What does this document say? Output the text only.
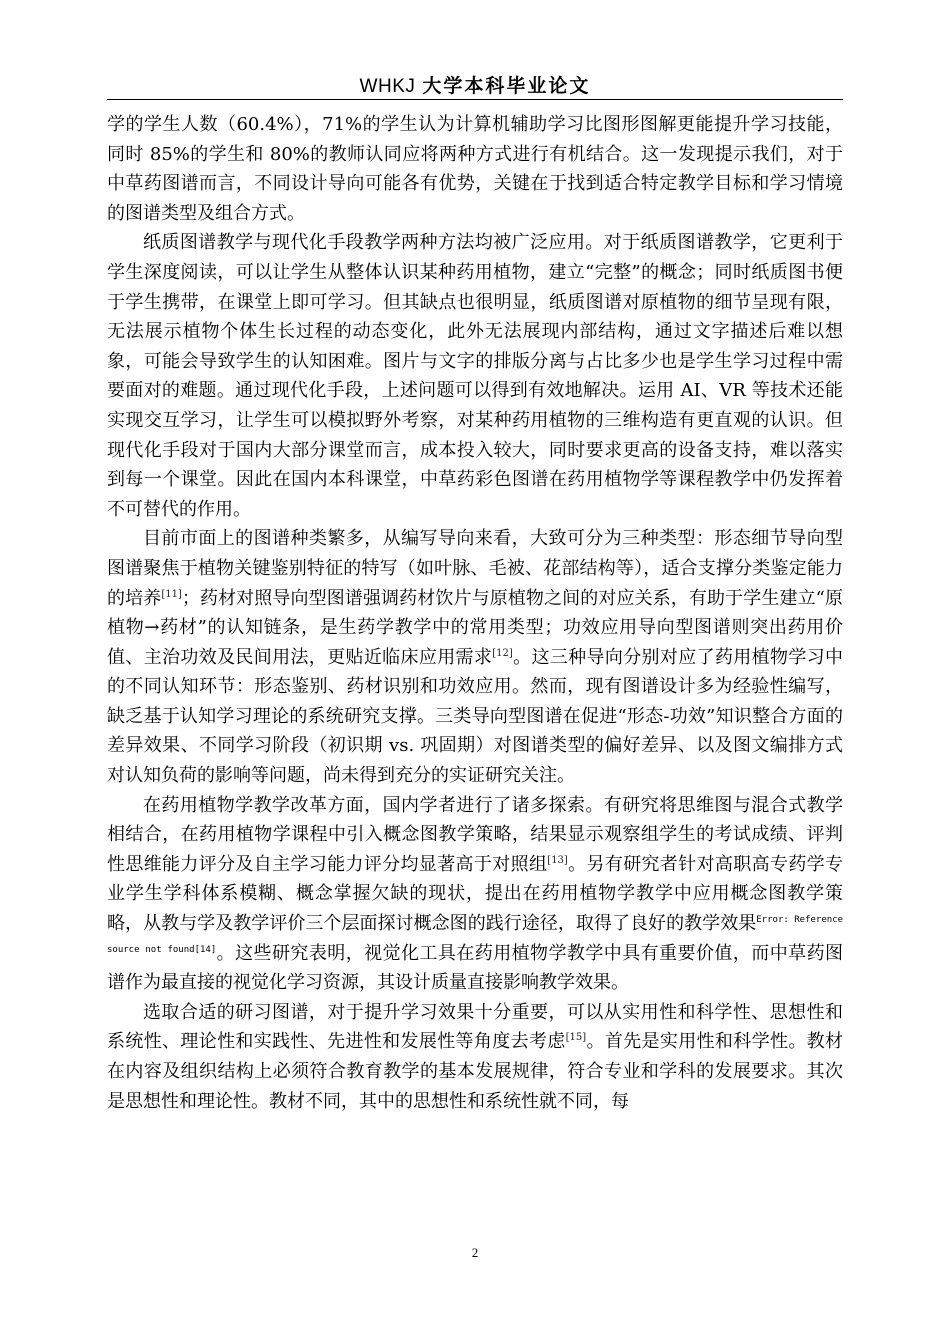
WHKJ 大学本科毕业论文

学的学生人数（60.4%），71%的学生认为计算机辅助学习比图形图解更能提升学习技能，同时 85%的学生和 80%的教师认同应将两种方式进行有机结合。这一发现提示我们，对于中草药图谱而言，不同设计导向可能各有优势，关键在于找到适合特定教学目标和学习情境的图谱类型及组合方式。

纸质图谱教学与现代化手段教学两种方法均被广泛应用。对于纸质图谱教学，它更利于学生深度阅读，可以让学生从整体认识某种药用植物，建立“完整”的概念；同时纸质图书便于学生携带，在课堂上即可学习。但其缺点也很明显，纸质图谱对原植物的细节呈现有限，无法展示植物个体生长过程的动态变化，此外无法展现内部结构，通过文字描述后难以想象，可能会导致学生的认知困难。图片与文字的排版分离与占比多少也是学生学习过程中需要面对的难题。通过现代化手段，上述问题可以得到有效地解决。运用 AI、VR 等技术还能实现交互学习，让学生可以模拟野外考察，对某种药用植物的三维构造有更直观的认识。但现代化手段对于国内大部分课堂而言，成本投入较大，同时要求更高的设备支持，难以落实到每一个课堂。因此在国内本科课堂，中草药彩色图谱在药用植物学等课程教学中仍发挥着不可替代的作用。

目前市面上的图谱种类繁多，从编写导向来看，大致可分为三种类型：形态细节导向型图谱聚焦于植物关键鉴别特征的特写（如叶脉、毛被、花部结构等），适合支撑分类鉴定能力的培养[11]；药材对照导向型图谱强调药材饮片与原植物之间的对应关系，有助于学生建立“原植物→药材”的认知链条，是生药学教学中的常用类型；功效应用导向型图谱则突出药用价值、主治功效及民间用法，更贴近临床应用需求[12]。这三种导向分别对应了药用植物学习中的不同认知环节：形态鉴别、药材识别和功效应用。然而，现有图谱设计多为经验性编写，缺乏基于认知学习理论的系统研究支撑。三类导向型图谱在促进“形态-功效”知识整合方面的差异效果、不同学习阶段（初识期 vs. 巩固期）对图谱类型的偏好差异、以及图文编排方式对认知负荷的影响等问题，尚未得到充分的实证研究关注。

在药用植物学教学改革方面，国内学者进行了诸多探索。有研究将思维图与混合式教学相结合，在药用植物学课程中引入概念图教学策略，结果显示观察组学生的考试成绩、评判性思维能力评分及自主学习能力评分均显著高于对照组[13]。另有研究者针对高职高专药学专业学生学科体系模糊、概念掌握欠缺的现状，提出在药用植物学教学中应用概念图教学策略，从教与学及教学评价三个层面探讨概念图的践行途径，取得了良好的教学效果$^{Error: Reference source not found[14]}$。这些研究表明，视觉化工具在药用植物学教学中具有重要价值，而中草药图谱作为最直接的视觉化学习资源，其设计质量直接影响教学效果。

选取合适的研习图谱，对于提升学习效果十分重要，可以从实用性和科学性、思想性和系统性、理论性和实践性、先进性和发展性等角度去考虑[15]。首先是实用性和科学性。教材在内容及组织结构上必须符合教育教学的基本发展规律，符合专业和学科的发展要求。其次是思想性和理论性。教材不同，其中的思想性和系统性就不同，每

2
